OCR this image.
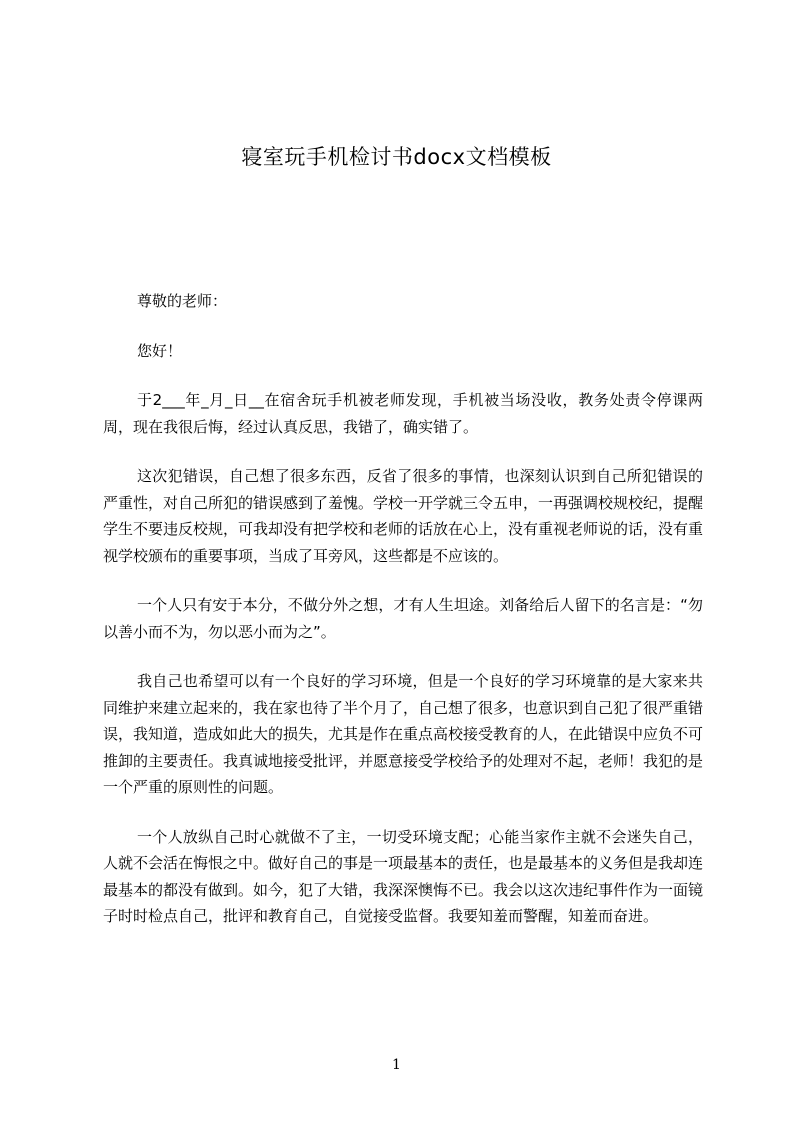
寝室玩手机检讨书docx文档模板

尊敬的老师：

您好！

于2___年_月_日__在宿舍玩手机被老师发现，手机被当场没收，教务处责令停课两周，现在我很后悔，经过认真反思，我错了，确实错了。

这次犯错误，自己想了很多东西，反省了很多的事情，也深刻认识到自己所犯错误的严重性，对自己所犯的错误感到了羞愧。学校一开学就三令五申，一再强调校规校纪，提醒学生不要违反校规，可我却没有把学校和老师的话放在心上，没有重视老师说的话，没有重视学校颁布的重要事项，当成了耳旁风，这些都是不应该的。

一个人只有安于本分，不做分外之想，才有人生坦途。刘备给后人留下的名言是：“勿以善小而不为，勿以恶小而为之”。

我自己也希望可以有一个良好的学习环境，但是一个良好的学习环境靠的是大家来共同维护来建立起来的，我在家也待了半个月了，自己想了很多，也意识到自己犯了很严重错误，我知道，造成如此大的损失，尤其是作在重点高校接受教育的人，在此错误中应负不可推卸的主要责任。我真诚地接受批评，并愿意接受学校给予的处理对不起，老师！我犯的是一个严重的原则性的问题。

一个人放纵自己时心就做不了主，一切受环境支配；心能当家作主就不会迷失自己，人就不会活在悔恨之中。做好自己的事是一项最基本的责任，也是最基本的义务但是我却连最基本的都没有做到。如今，犯了大错，我深深懊悔不已。我会以这次违纪事件作为一面镜子时时检点自己，批评和教育自己，自觉接受监督。我要知羞而警醒，知羞而奋进。

1
